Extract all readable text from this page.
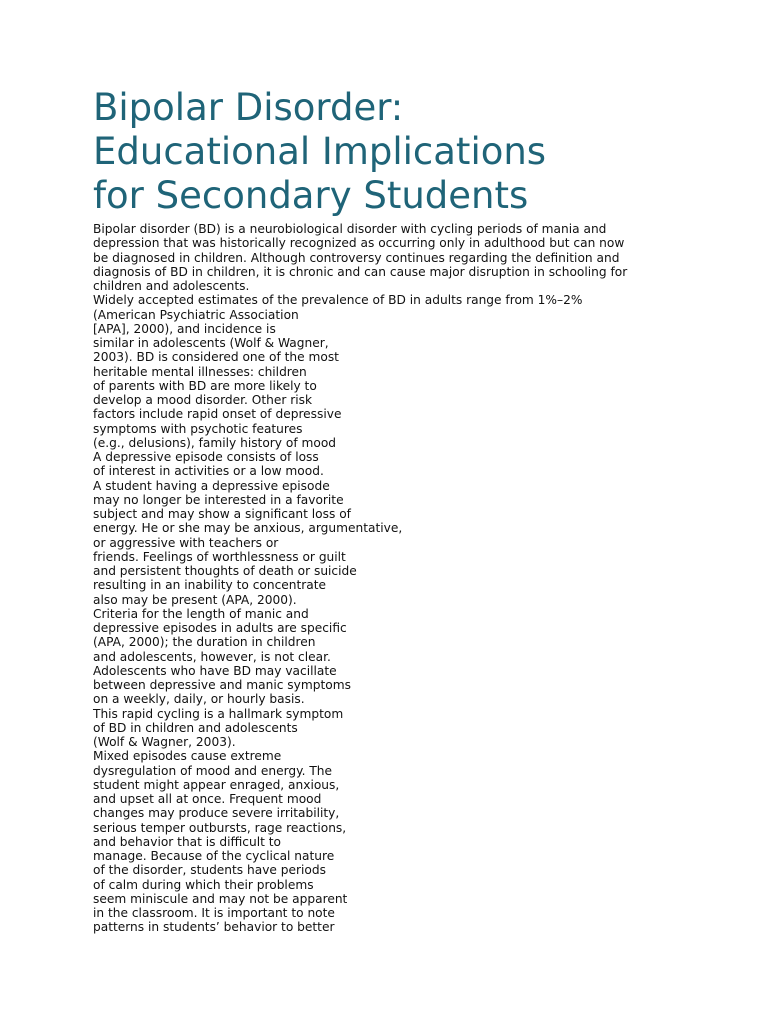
Bipolar Disorder:
Educational Implications
for Secondary Students
Bipolar disorder (BD) is a neurobiological disorder with cycling periods of mania and
depression that was historically recognized as occurring only in adulthood but can now
be diagnosed in children. Although controversy continues regarding the definition and
diagnosis of BD in children, it is chronic and can cause major disruption in schooling for
children and adolescents.
Widely accepted estimates of the prevalence of BD in adults range from 1%–2%
(American Psychiatric Association
[APA], 2000), and incidence is
similar in adolescents (Wolf & Wagner,
2003). BD is considered one of the most
heritable mental illnesses: children
of parents with BD are more likely to
develop a mood disorder. Other risk
factors include rapid onset of depressive
symptoms with psychotic features
(e.g., delusions), family history of mood
A depressive episode consists of loss
of interest in activities or a low mood.
A student having a depressive episode
may no longer be interested in a favorite
subject and may show a significant loss of
energy. He or she may be anxious, argumentative,
or aggressive with teachers or
friends. Feelings of worthlessness or guilt
and persistent thoughts of death or suicide
resulting in an inability to concentrate
also may be present (APA, 2000).
Criteria for the length of manic and
depressive episodes in adults are specific
(APA, 2000); the duration in children
and adolescents, however, is not clear.
Adolescents who have BD may vacillate
between depressive and manic symptoms
on a weekly, daily, or hourly basis.
This rapid cycling is a hallmark symptom
of BD in children and adolescents
(Wolf & Wagner, 2003).
Mixed episodes cause extreme
dysregulation of mood and energy. The
student might appear enraged, anxious,
and upset all at once. Frequent mood
changes may produce severe irritability,
serious temper outbursts, rage reactions,
and behavior that is difficult to
manage. Because of the cyclical nature
of the disorder, students have periods
of calm during which their problems
seem miniscule and may not be apparent
in the classroom. It is important to note
patterns in students’ behavior to better
